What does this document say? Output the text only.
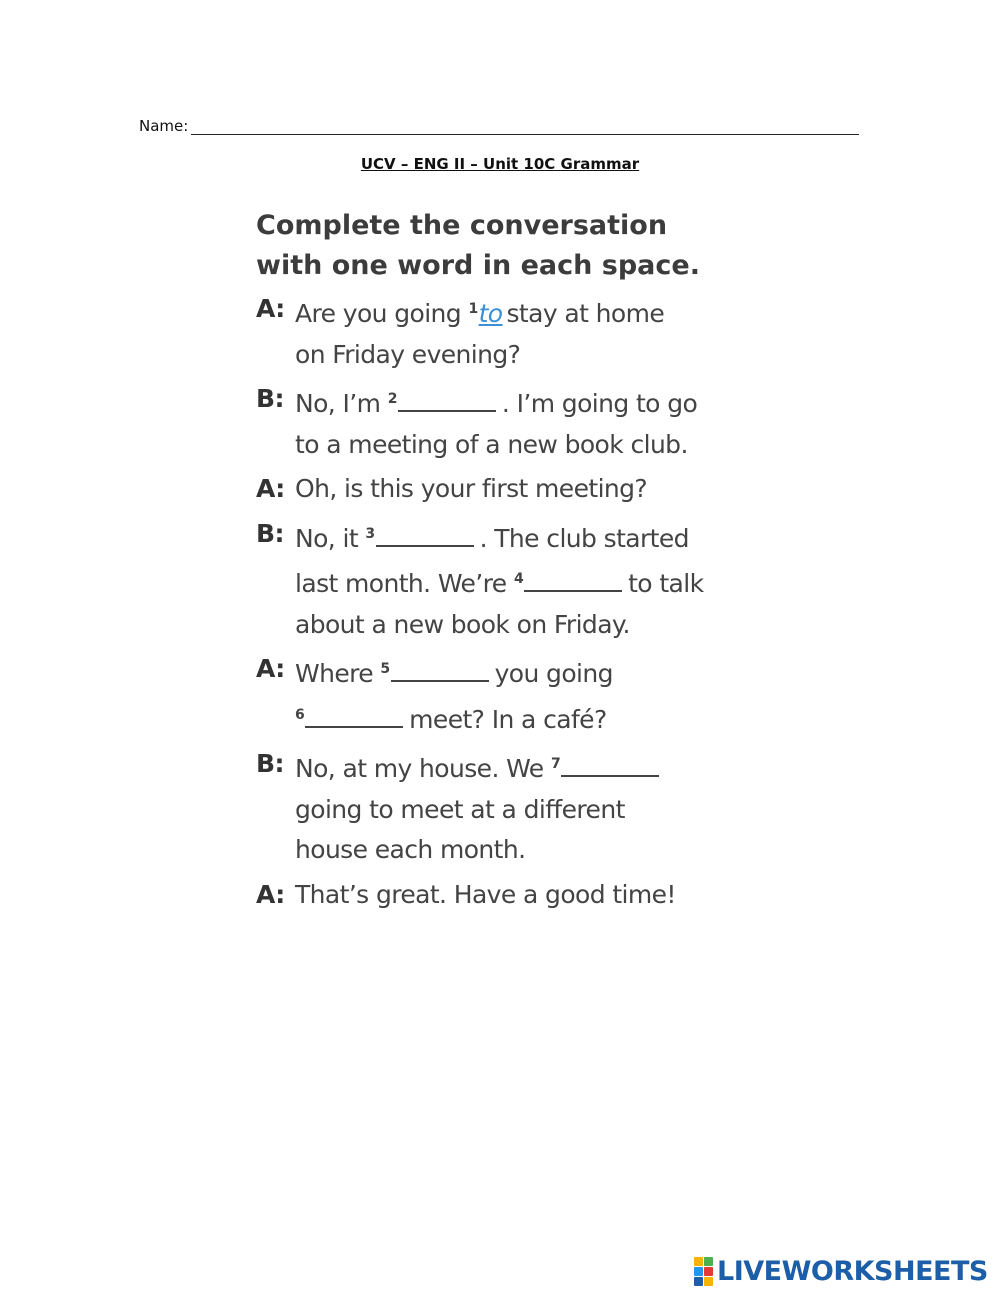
Name:
UCV – ENG II – Unit 10C Grammar
Complete the conversation
with one word in each space.
A: Are you going $^1$to stay at home
on Friday evening?
B: No, I’m $^2$	. I’m going to go
to a meeting of a new book club.
A: Oh, is this your first meeting?
B: No, it $^3$	. The club started
last month. We’re $^4$	to talk
about a new book on Friday.
A: Where $^5$	you going
$^6$	meet? In a café?
B: No, at my house. We $^7$
going to meet at a different
house each month.
A: That’s great. Have a good time!
LIVEWORKSHEETS
